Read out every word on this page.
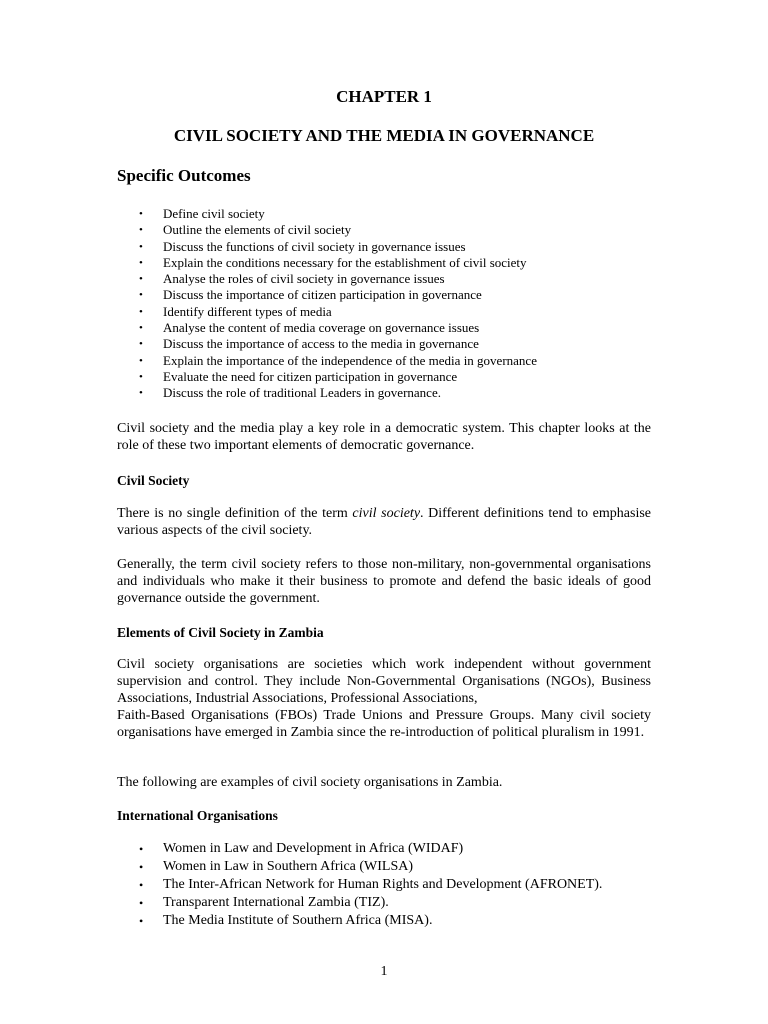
CHAPTER 1
CIVIL SOCIETY AND THE MEDIA IN GOVERNANCE
Specific Outcomes
• Define civil society
• Outline the elements of civil society
• Discuss the functions of civil society in governance issues
• Explain the conditions necessary for the establishment of civil society
• Analyse the roles of civil society in governance issues
• Discuss the importance of citizen participation in governance
• Identify different types of media
• Analyse the content of media coverage on governance issues
• Discuss the importance of access to the media in governance
• Explain the importance of the independence of the media in governance
• Evaluate the need for citizen participation in governance
• Discuss the role of traditional Leaders in governance.

Civil society and the media play a key role in a democratic system. This chapter looks at the role of these two important elements of democratic governance.

Civil Society

There is no single definition of the term civil society. Different definitions tend to emphasise various aspects of the civil society.

Generally, the term civil society refers to those non-military, non-governmental organisations and individuals who make it their business to promote and defend the basic ideals of good governance outside the government.

Elements of Civil Society in Zambia

Civil society organisations are societies which work independent without government supervision and control. They include Non-Governmental Organisations (NGOs), Business Associations, Industrial Associations, Professional Associations,
Faith-Based Organisations (FBOs) Trade Unions and Pressure Groups. Many civil society organisations have emerged in Zambia since the re-introduction of political pluralism in 1991.

The following are examples of civil society organisations in Zambia.

International Organisations

• Women in Law and Development in Africa (WIDAF)
• Women in Law in Southern Africa (WILSA)
• The Inter-African Network for Human Rights and Development (AFRONET).
• Transparent International Zambia (TIZ).
• The Media Institute of Southern Africa (MISA).
1
